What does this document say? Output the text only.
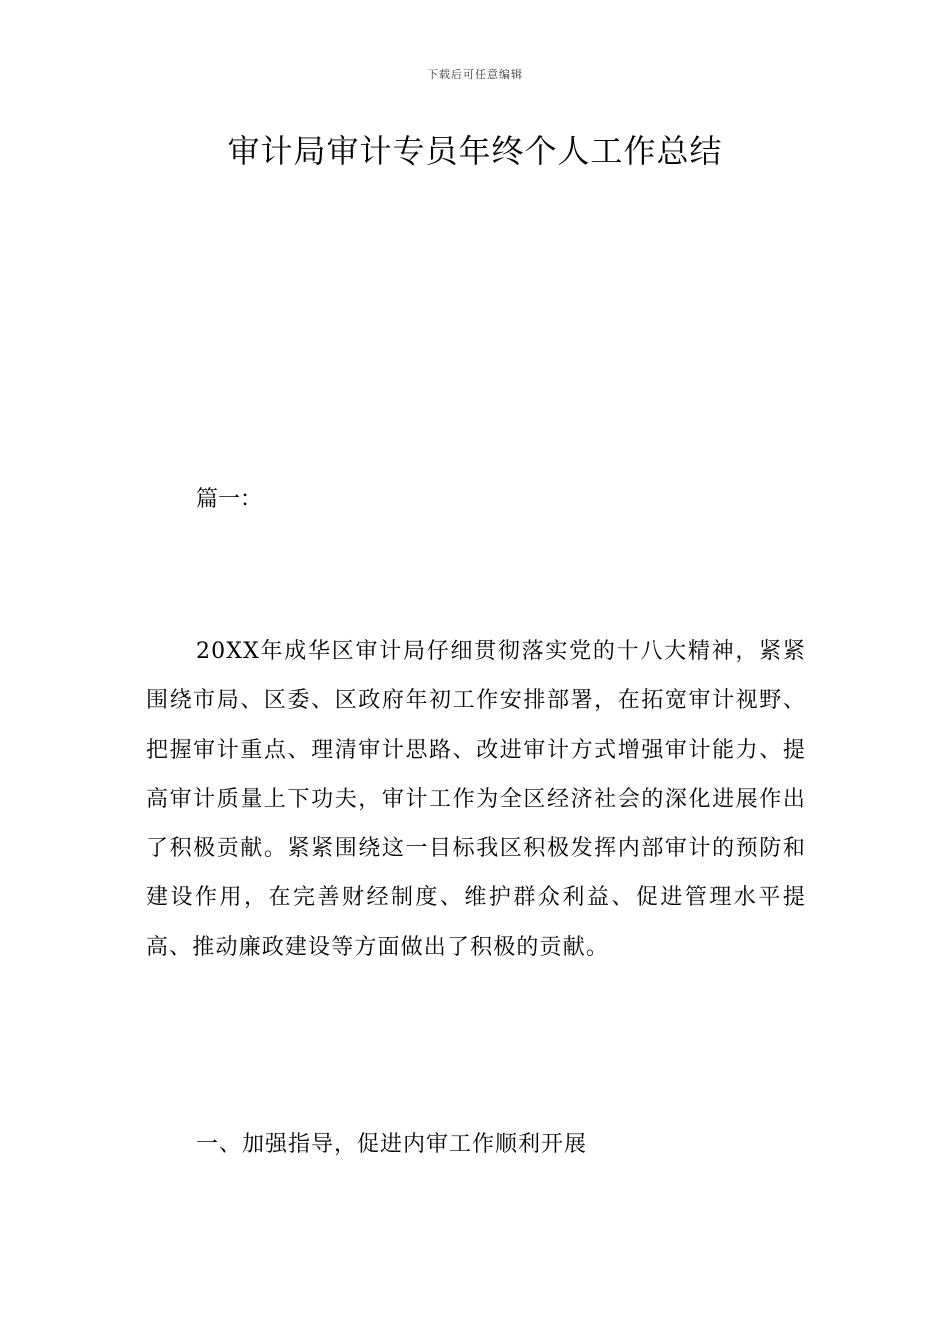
下载后可任意编辑
审计局审计专员年终个人工作总结

篇一：

20XX年成华区审计局仔细贯彻落实党的十八大精神，紧紧围绕市局、区委、区政府年初工作安排部署，在拓宽审计视野、把握审计重点、理清审计思路、改进审计方式增强审计能力、提高审计质量上下功夫，审计工作为全区经济社会的深化进展作出了积极贡献。紧紧围绕这一目标我区积极发挥内部审计的预防和建设作用，在完善财经制度、维护群众利益、促进管理水平提高、推动廉政建设等方面做出了积极的贡献。

一、加强指导，促进内审工作顺利开展
